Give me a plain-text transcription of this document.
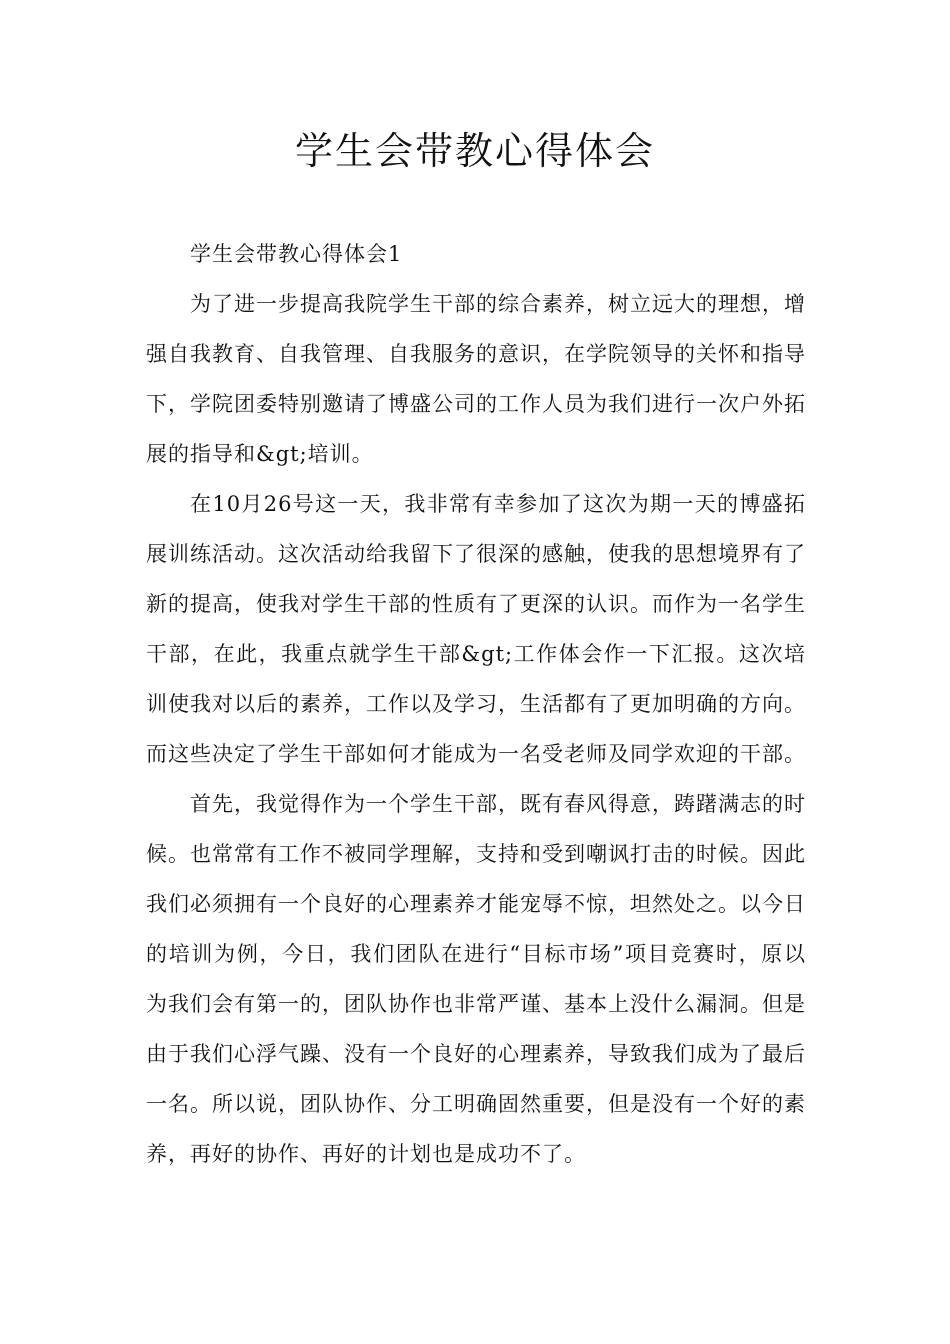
学生会带教心得体会

学生会带教心得体会1

为了进一步提高我院学生干部的综合素养，树立远大的理想，增强自我教育、自我管理、自我服务的意识，在学院领导的关怀和指导下，学院团委特别邀请了博盛公司的工作人员为我们进行一次户外拓展的指导和&gt;培训。

在10月26号这一天，我非常有幸参加了这次为期一天的博盛拓展训练活动。这次活动给我留下了很深的感触，使我的思想境界有了新的提高，使我对学生干部的性质有了更深的认识。而作为一名学生干部，在此，我重点就学生干部&gt;工作体会作一下汇报。这次培训使我对以后的素养，工作以及学习，生活都有了更加明确的方向。而这些决定了学生干部如何才能成为一名受老师及同学欢迎的干部。

首先，我觉得作为一个学生干部，既有春风得意，踌躇满志的时候。也常常有工作不被同学理解，支持和受到嘲讽打击的时候。因此我们必须拥有一个良好的心理素养才能宠辱不惊，坦然处之。以今日的培训为例，今日，我们团队在进行“目标市场”项目竞赛时，原以为我们会有第一的，团队协作也非常严谨、基本上没什么漏洞。但是由于我们心浮气躁、没有一个良好的心理素养，导致我们成为了最后一名。所以说，团队协作、分工明确固然重要，但是没有一个好的素养，再好的协作、再好的计划也是成功不了。
